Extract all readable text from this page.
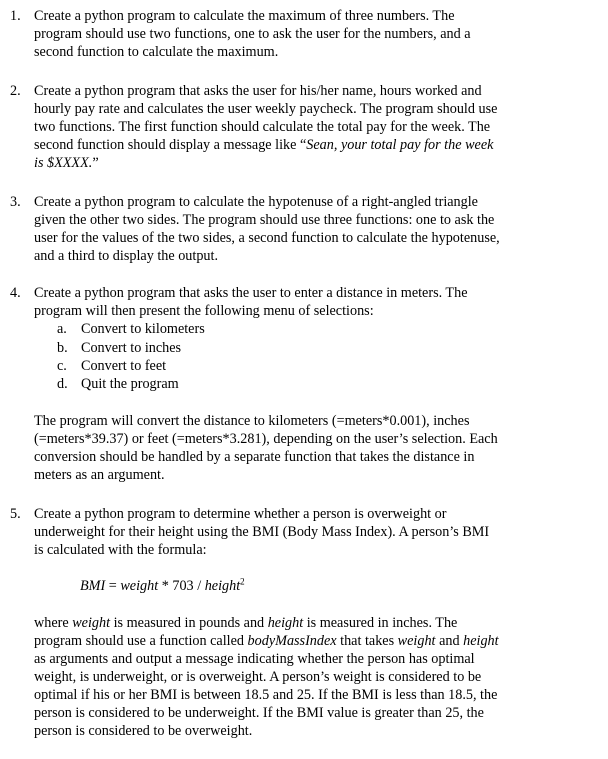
1. Create a python program to calculate the maximum of three numbers. The
program should use two functions, one to ask the user for the numbers, and a
second function to calculate the maximum.
2. Create a python program that asks the user for his/her name, hours worked and
hourly pay rate and calculates the user weekly paycheck. The program should use
two functions. The first function should calculate the total pay for the week. The
second function should display a message like “Sean, your total pay for the week
is $XXXX.”
3. Create a python program to calculate the hypotenuse of a right-angled triangle
given the other two sides. The program should use three functions: one to ask the
user for the values of the two sides, a second function to calculate the hypotenuse,
and a third to display the output.
4. Create a python program that asks the user to enter a distance in meters. The
program will then present the following menu of selections:
a. Convert to kilometers
b. Convert to inches
c. Convert to feet
d. Quit the program
The program will convert the distance to kilometers (=meters*0.001), inches
(=meters*39.37) or feet (=meters*3.281), depending on the user’s selection. Each
conversion should be handled by a separate function that takes the distance in
meters as an argument.
5. Create a python program to determine whether a person is overweight or
underweight for their height using the BMI (Body Mass Index). A person’s BMI
is calculated with the formula:
BMI = weight * 703 / height$^2$
where weight is measured in pounds and height is measured in inches. The
program should use a function called bodyMassIndex that takes weight and height
as arguments and output a message indicating whether the person has optimal
weight, is underweight, or is overweight. A person’s weight is considered to be
optimal if his or her BMI is between 18.5 and 25. If the BMI is less than 18.5, the
person is considered to be underweight. If the BMI value is greater than 25, the
person is considered to be overweight.
